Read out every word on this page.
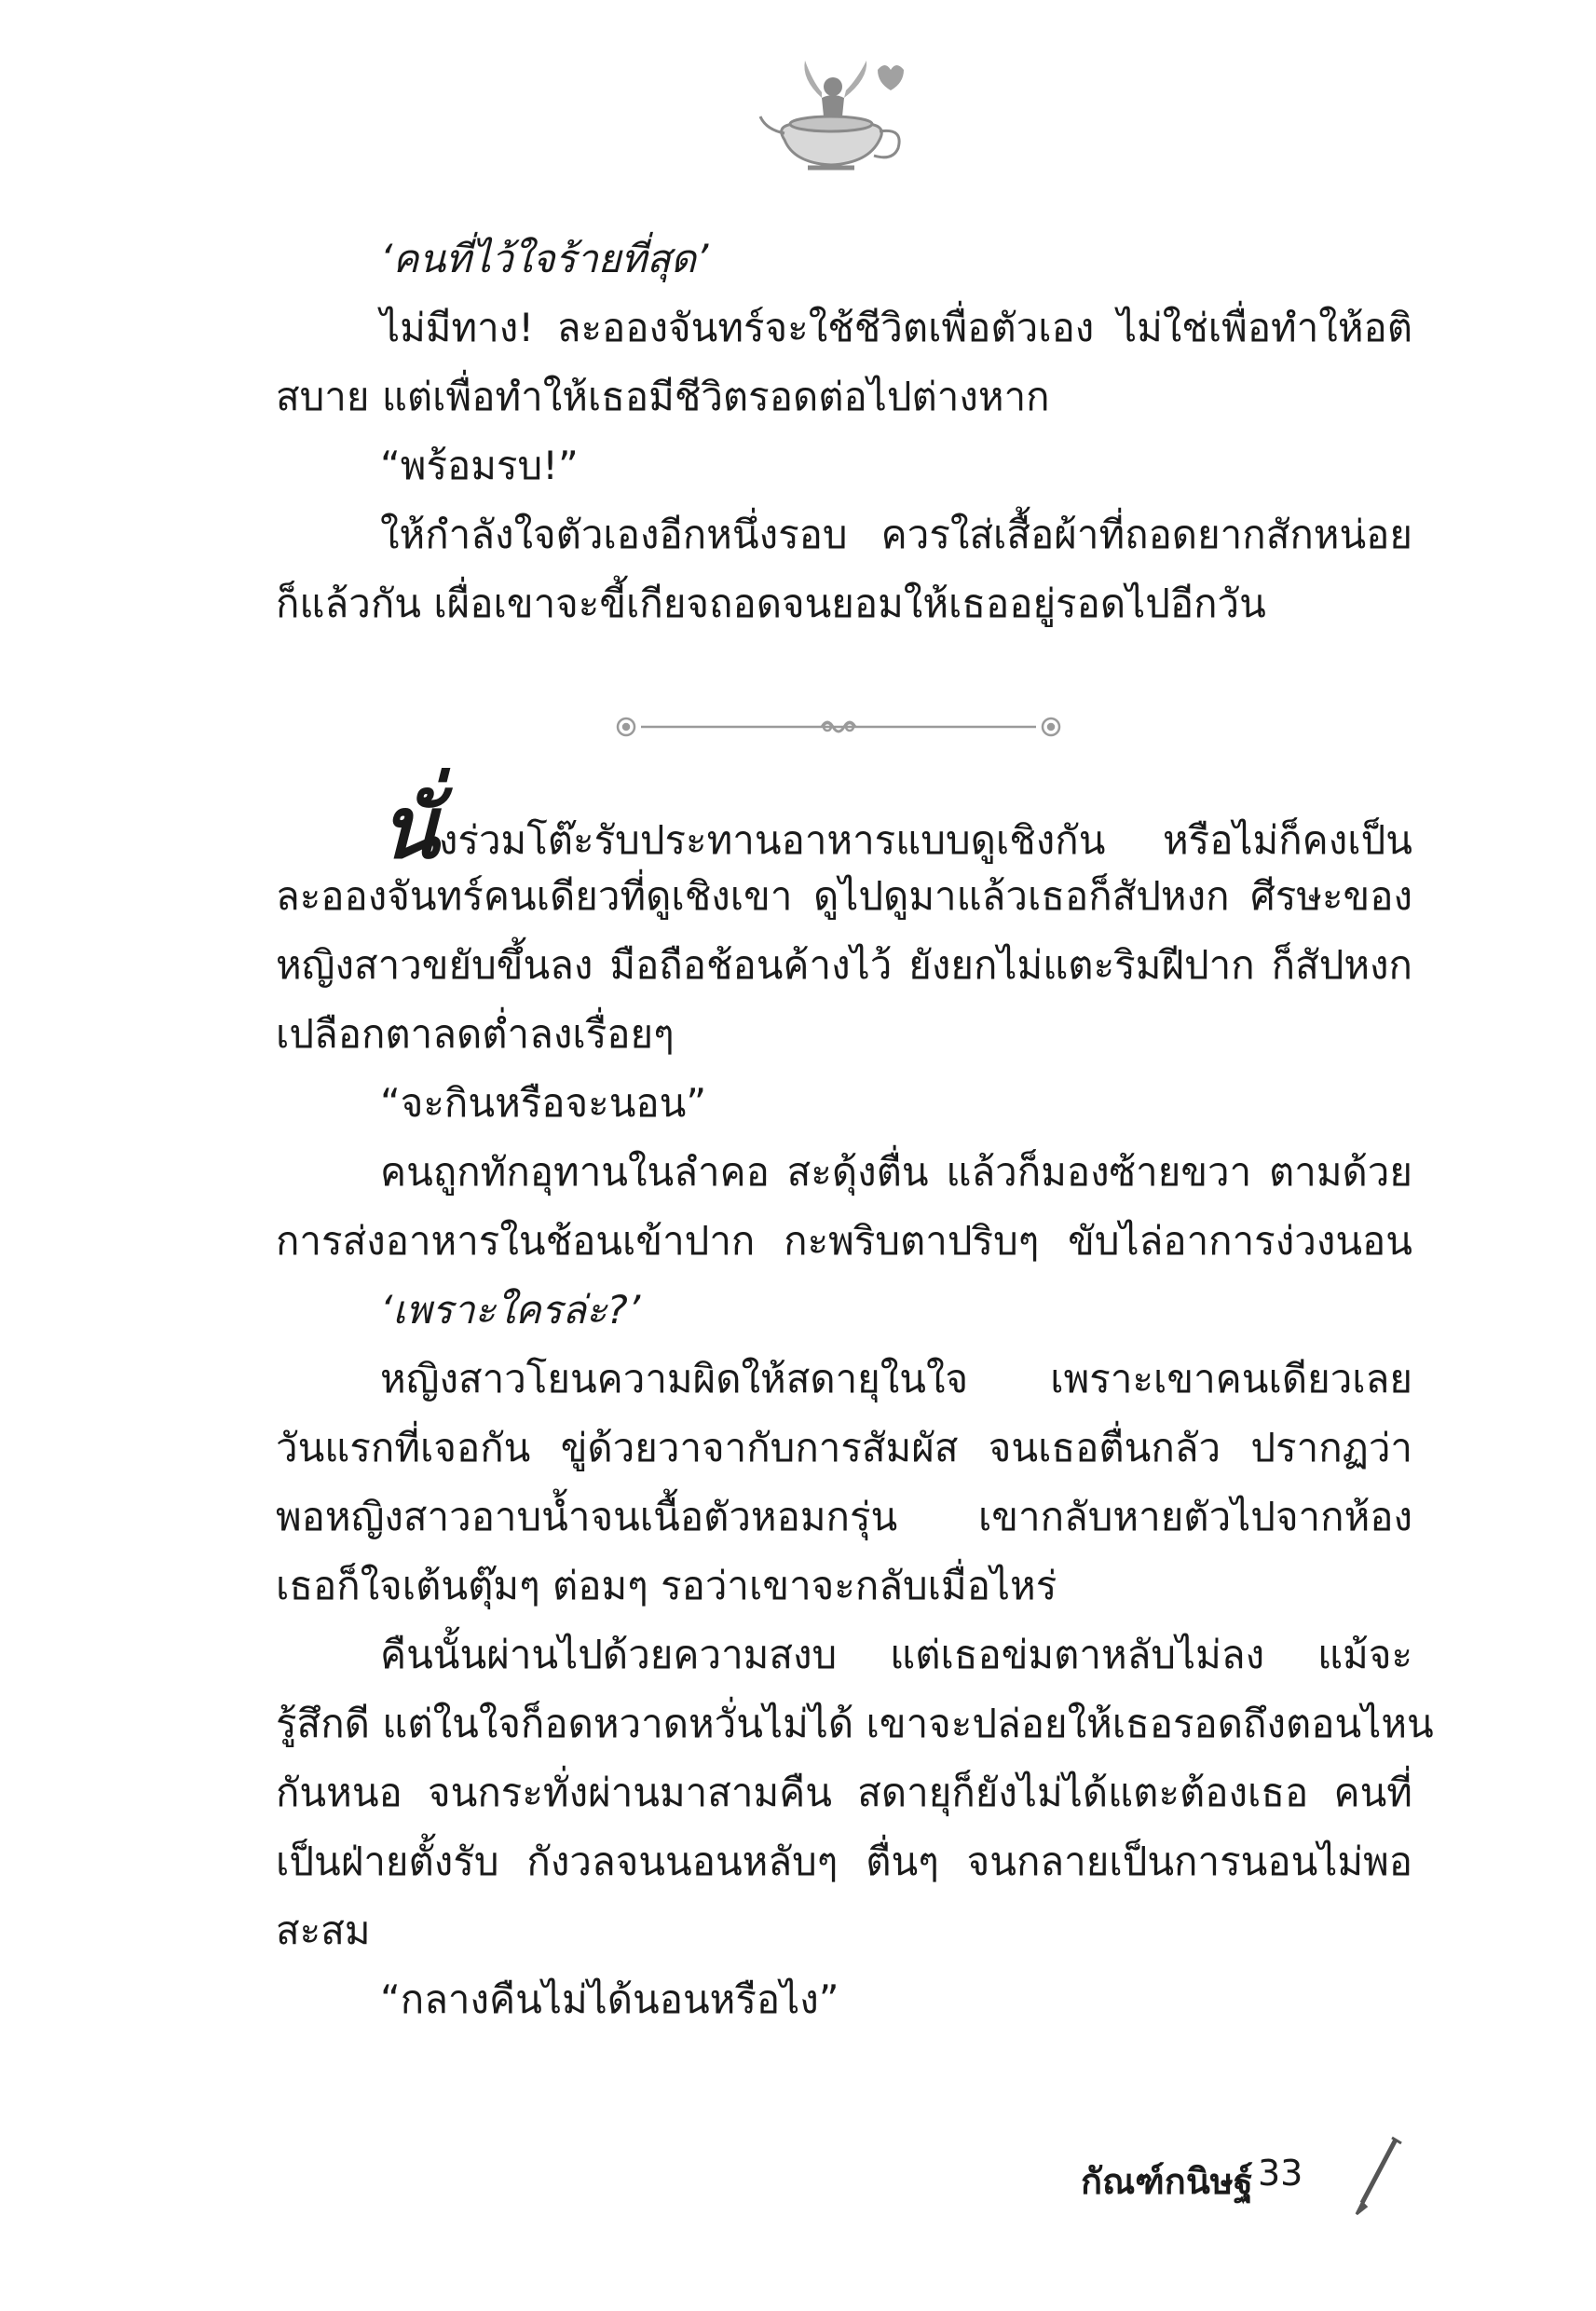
‘คนที่ไว้ใจร้ายที่สุด’
ไม่มีทาง! ละอองจันทร์จะใช้ชีวิตเพื่อตัวเอง ไม่ใช่เพื่อทำให้อติ
สบาย แต่เพื่อทำให้เธอมีชีวิตรอดต่อไปต่างหาก
“พร้อมรบ!”
ให้กำลังใจตัวเองอีกหนึ่งรอบ ควรใส่เสื้อผ้าที่ถอดยากสักหน่อย
ก็แล้วกัน เผื่อเขาจะขี้เกียจถอดจนยอมให้เธออยู่รอดไปอีกวัน
นั่งร่วมโต๊ะรับประทานอาหารแบบดูเชิงกัน หรือไม่ก็คงเป็น
ละอองจันทร์คนเดียวที่ดูเชิงเขา ดูไปดูมาแล้วเธอก็สัปหงก ศีรษะของ
หญิงสาวขยับขึ้นลง มือถือช้อนค้างไว้ ยังยกไม่แตะริมฝีปาก ก็สัปหงก
เปลือกตาลดต่ำลงเรื่อยๆ
“จะกินหรือจะนอน”
คนถูกทักอุทานในลำคอ สะดุ้งตื่น แล้วก็มองซ้ายขวา ตามด้วย
การส่งอาหารในช้อนเข้าปาก กะพริบตาปริบๆ ขับไล่อาการง่วงนอน
‘เพราะใครล่ะ?’
หญิงสาวโยนความผิดให้สดายุในใจ เพราะเขาคนเดียวเลย
วันแรกที่เจอกัน ขู่ด้วยวาจากับการสัมผัส จนเธอตื่นกลัว ปรากฏว่า
พอหญิงสาวอาบน้ำจนเนื้อตัวหอมกรุ่น เขากลับหายตัวไปจากห้อง
เธอก็ใจเต้นตุ๊มๆ ต่อมๆ รอว่าเขาจะกลับเมื่อไหร่
คืนนั้นผ่านไปด้วยความสงบ แต่เธอข่มตาหลับไม่ลง แม้จะ
รู้สึกดี แต่ในใจก็อดหวาดหวั่นไม่ได้ เขาจะปล่อยให้เธอรอดถึงตอนไหน
กันหนอ จนกระทั่งผ่านมาสามคืน สดายุก็ยังไม่ได้แตะต้องเธอ คนที่
เป็นฝ่ายตั้งรับ กังวลจนนอนหลับๆ ตื่นๆ จนกลายเป็นการนอนไม่พอ
สะสม
“กลางคืนไม่ได้นอนหรือไง”
กัณฑ์กนิษฐ์ 33
